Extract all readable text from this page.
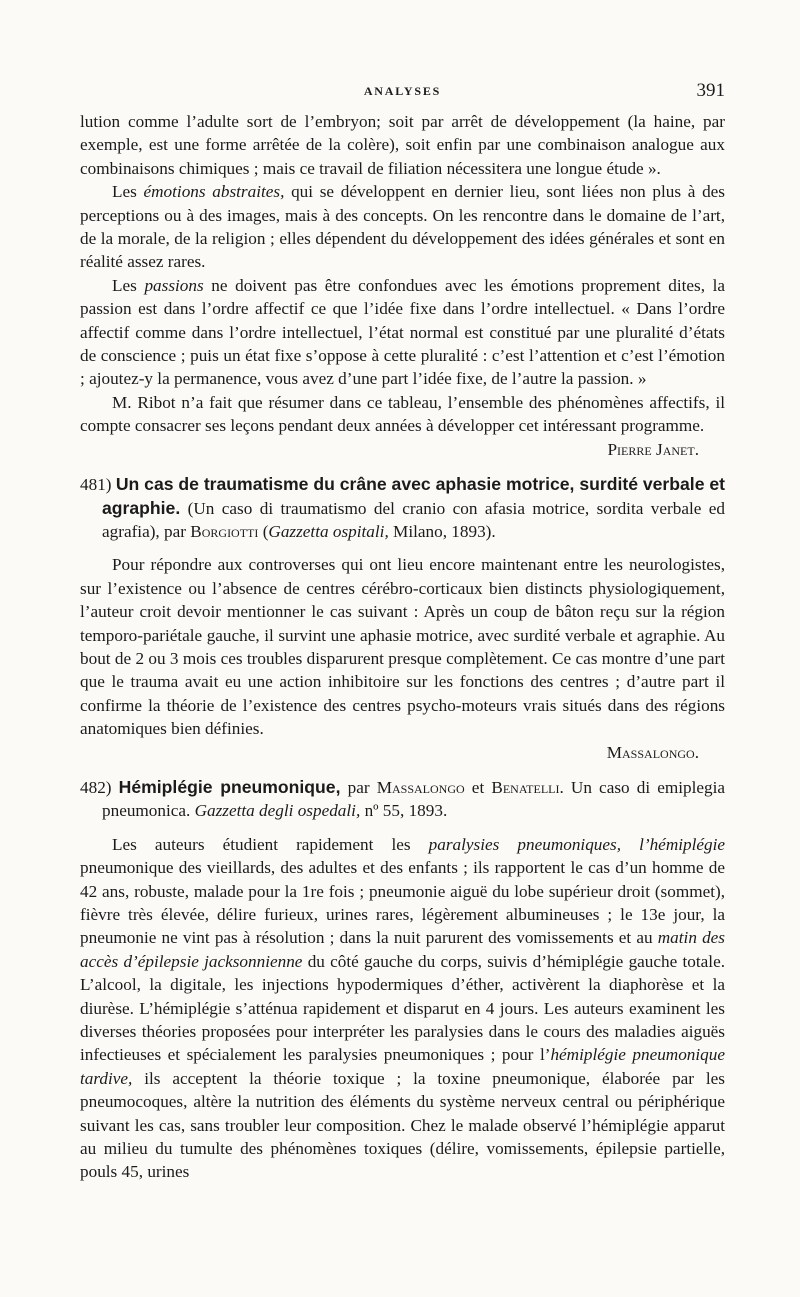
ANALYSES	391

lution comme l’adulte sort de l’embryon; soit par arrêt de développement (la haine, par exemple, est une forme arrêtée de la colère), soit enfin par une combinaison analogue aux combinaisons chimiques ; mais ce travail de filiation nécessitera une longue étude ».

Les émotions abstraites, qui se développent en dernier lieu, sont liées non plus à des perceptions ou à des images, mais à des concepts. On les rencontre dans le domaine de l’art, de la morale, de la religion ; elles dépendent du développement des idées générales et sont en réalité assez rares.

Les passions ne doivent pas être confondues avec les émotions proprement dites, la passion est dans l’ordre affectif ce que l’idée fixe dans l’ordre intellectuel. « Dans l’ordre affectif comme dans l’ordre intellectuel, l’état normal est constitué par une pluralité d’états de conscience ; puis un état fixe s’oppose à cette pluralité : c’est l’attention et c’est l’émotion ; ajoutez-y la permanence, vous avez d’une part l’idée fixe, de l’autre la passion. »

M. Ribot n’a fait que résumer dans ce tableau, l’ensemble des phénomènes affectifs, il compte consacrer ses leçons pendant deux années à développer cet intéressant programme.

Pierre Janet.

481) Un cas de traumatisme du crâne avec aphasie motrice, surdité verbale et agraphie. (Un caso di traumatismo del cranio con afasia motrice, sordita verbale ed agrafia), par Borgiotti (Gazzetta ospitali, Milano, 1893).

Pour répondre aux controverses qui ont lieu encore maintenant entre les neurologistes, sur l’existence ou l’absence de centres cérébro-corticaux bien distincts physiologiquement, l’auteur croit devoir mentionner le cas suivant : Après un coup de bâton reçu sur la région temporo-pariétale gauche, il survint une aphasie motrice, avec surdité verbale et agraphie. Au bout de 2 ou 3 mois ces troubles disparurent presque complètement. Ce cas montre d’une part que le trauma avait eu une action inhibitoire sur les fonctions des centres ; d’autre part il confirme la théorie de l’existence des centres psycho-moteurs vrais situés dans des régions anatomiques bien définies.

Massalongo.

482) Hémiplégie pneumonique, par Massalongo et Benatelli. Un caso di emiplegia pneumonica. Gazzetta degli ospedali, nº 55, 1893.

Les auteurs étudient rapidement les paralysies pneumoniques, l’hémiplégie pneumonique des vieillards, des adultes et des enfants ; ils rapportent le cas d’un homme de 42 ans, robuste, malade pour la 1re fois ; pneumonie aiguë du lobe supérieur droit (sommet), fièvre très élevée, délire furieux, urines rares, légèrement albumineuses ; le 13e jour, la pneumonie ne vint pas à résolution ; dans la nuit parurent des vomissements et au matin des accès d’épilepsie jacksonnienne du côté gauche du corps, suivis d’hémiplégie gauche totale. L’alcool, la digitale, les injections hypodermiques d’éther, activèrent la diaphorèse et la diurèse. L’hémiplégie s’atténua rapidement et disparut en 4 jours. Les auteurs examinent les diverses théories proposées pour interpréter les paralysies dans le cours des maladies aiguës infectieuses et spécialement les paralysies pneumoniques ; pour l’hémiplégie pneumonique tardive, ils acceptent la théorie toxique ; la toxine pneumonique, élaborée par les pneumocoques, altère la nutrition des éléments du système nerveux central ou périphérique suivant les cas, sans troubler leur composition. Chez le malade observé l’hémiplégie apparut au milieu du tumulte des phénomènes toxiques (délire, vomissements, épilepsie partielle, pouls 45, urines
